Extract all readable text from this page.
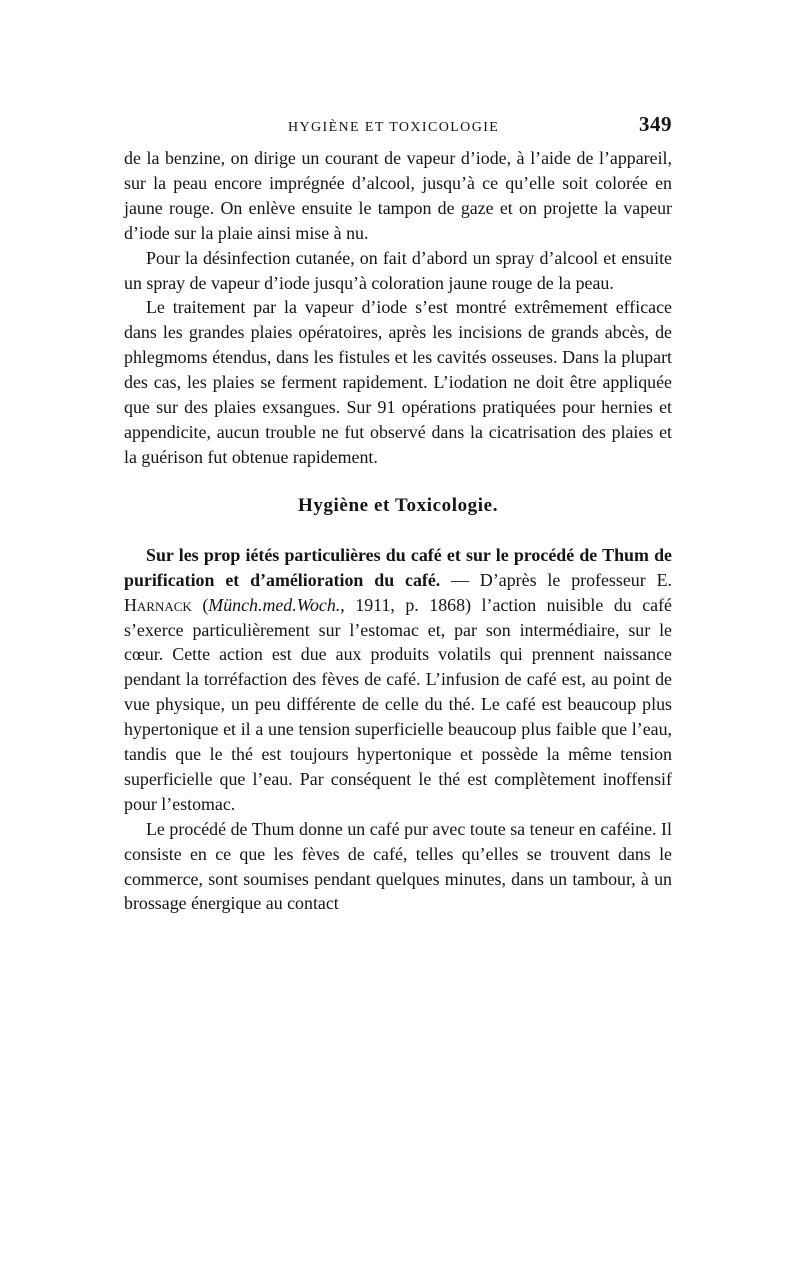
HYGIÈNE ET TOXICOLOGIE	349

de la benzine, on dirige un courant de vapeur d’iode, à l’aide de l’appareil, sur la peau encore imprégnée d’alcool, jusqu’à ce qu’elle soit colorée en jaune rouge. On enlève ensuite le tampon de gaze et on projette la vapeur d’iode sur la plaie ainsi mise à nu.

Pour la désinfection cutanée, on fait d’abord un spray d’alcool et ensuite un spray de vapeur d’iode jusqu’à coloration jaune rouge de la peau.

Le traitement par la vapeur d’iode s’est montré extrêmement efficace dans les grandes plaies opératoires, après les incisions de grands abcès, de phlegmoms étendus, dans les fistules et les cavités osseuses. Dans la plupart des cas, les plaies se ferment rapidement. L’iodation ne doit être appliquée que sur des plaies exsangues. Sur 91 opérations pratiquées pour hernies et appendicite, aucun trouble ne fut observé dans la cicatrisation des plaies et la guérison fut obtenue rapidement.

Hygiène et Toxicologie.

Sur les prop iétés particulières du café et sur le procédé de Thum de purification et d’amélioration du café. — D’après le professeur E. Harnack (Münch.med.Woch., 1911, p. 1868) l’action nuisible du café s’exerce particulièrement sur l’estomac et, par son intermédiaire, sur le cœur. Cette action est due aux produits volatils qui prennent naissance pendant la torréfaction des fèves de café. L’infusion de café est, au point de vue physique, un peu différente de celle du thé. Le café est beaucoup plus hypertonique et il a une tension superficielle beaucoup plus faible que l’eau, tandis que le thé est toujours hypertonique et possède la même tension superficielle que l’eau. Par conséquent le thé est complètement inoffensif pour l’estomac.

Le procédé de Thum donne un café pur avec toute sa teneur en caféine. Il consiste en ce que les fèves de café, telles qu’elles se trouvent dans le commerce, sont soumises pendant quelques minutes, dans un tambour, à un brossage énergique au contact
